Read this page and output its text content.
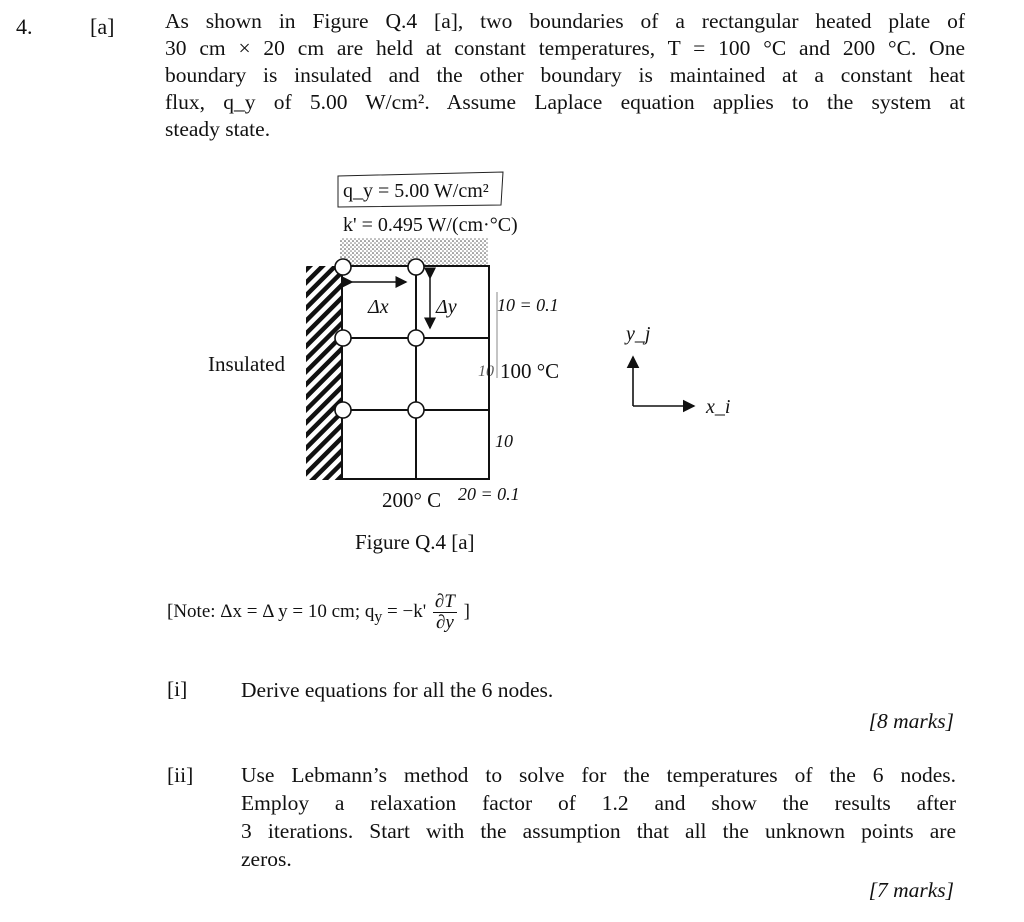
4.	[a] As shown in Figure Q.4 [a], two boundaries of a rectangular heated plate of
30 cm × 20 cm are held at constant temperatures, T = 100 °C and 200 °C. One
boundary is insulated and the other boundary is maintained at a constant heat
flux, q_y of 5.00 W/cm². Assume Laplace equation applies to the system at
steady state.
q_y = 5.00 W/cm²
k' = 0.495 W/(cm·°C)
Δx Δy
Insulated	100 °C
200° C
10 = 0.1
10
10
20 = 0.1
y_j
x_i
Figure Q.4 [a]
[Note: Δx = Δ y = 10 cm; $q_y = -k' \frac{\partial T}{\partial y}$ ]
[i] Derive equations for all the 6 nodes.
[8 marks]
[ii] Use Lebmann’s method to solve for the temperatures of the 6 nodes.
Employ a relaxation factor of 1.2 and show the results after
3 iterations. Start with the assumption that all the unknown points are
zeros.
[7 marks]
